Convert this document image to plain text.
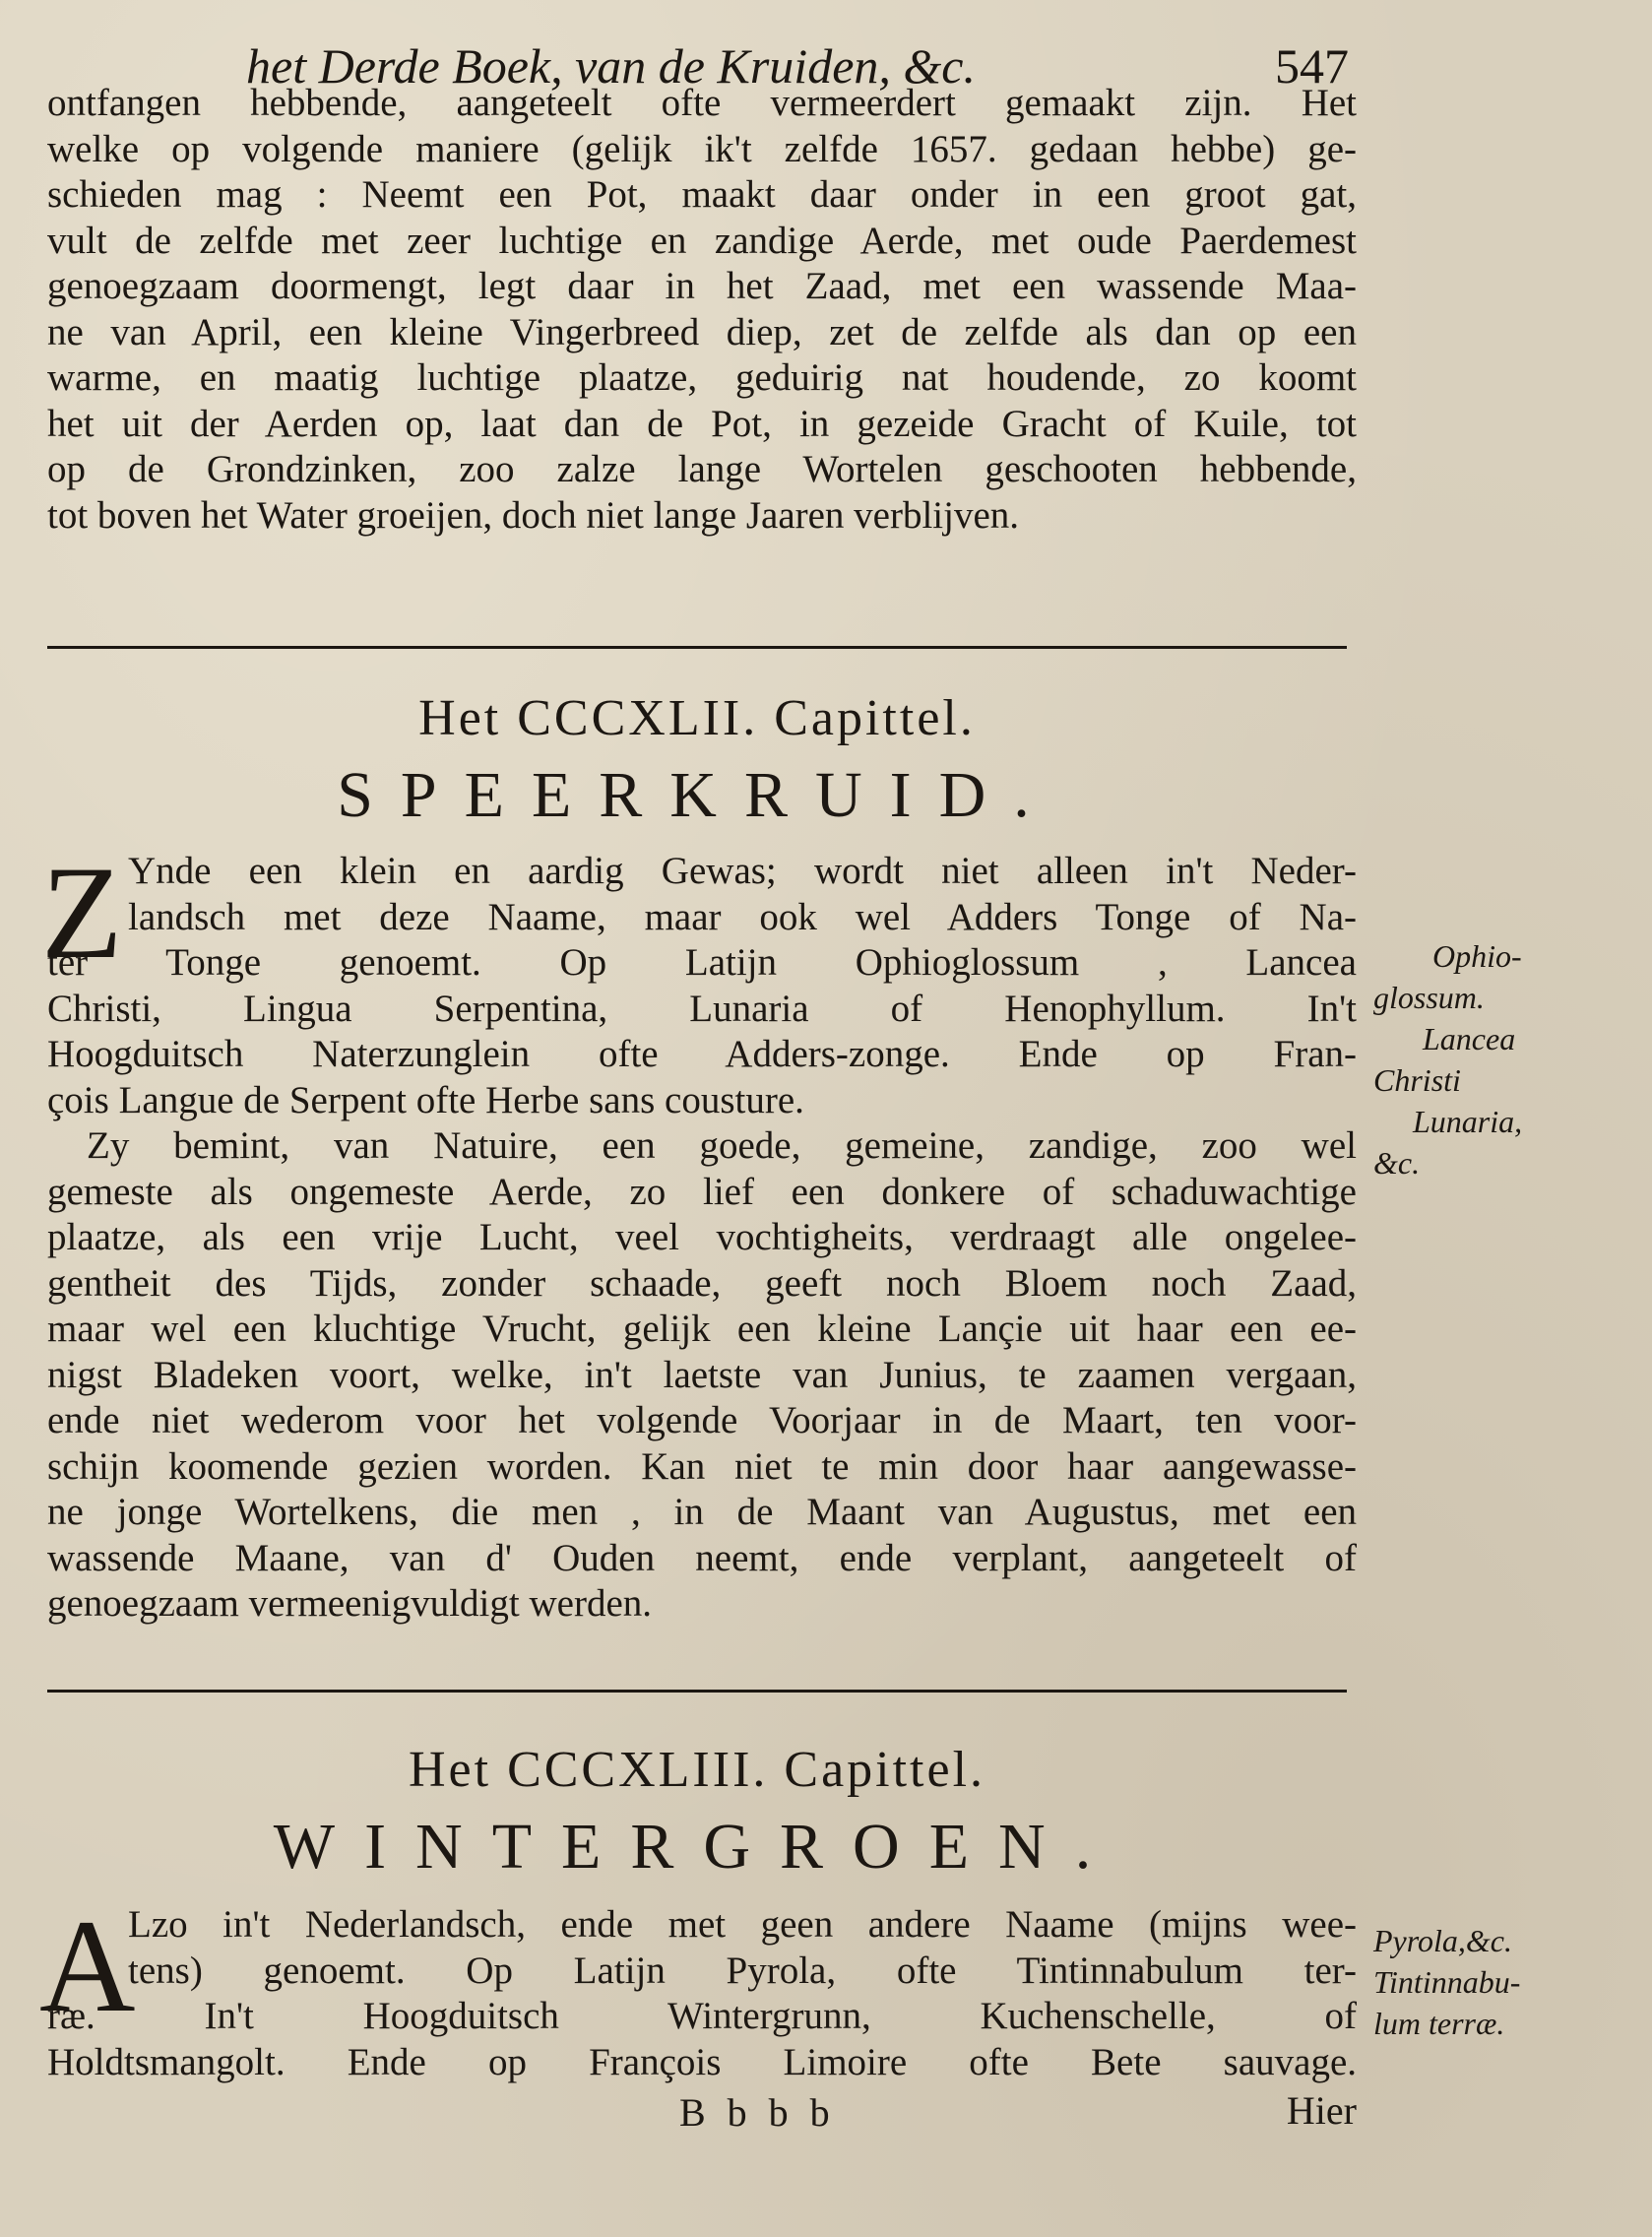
het Derde Boek, van de Kruiden, &c.	547
ontfangen hebbende, aangeteelt ofte vermeerdert gemaakt zijn. Het
welke op volgende maniere (gelijk ik't zelfde 1657. gedaan hebbe) ge-
schieden mag : Neemt een Pot, maakt daar onder in een groot gat,
vult de zelfde met zeer luchtige en zandige Aerde, met oude Paerdemest
genoegzaam doormengt, legt daar in het Zaad, met een wassende Maa-
ne van April, een kleine Vingerbreed diep, zet de zelfde als dan op een
warme, en maatig luchtige plaatze, geduirig nat houdende, zo koomt
het uit der Aerden op, laat dan de Pot, in gezeide Gracht of Kuile, tot
op de Grondzinken, zoo zalze lange Wortelen geschooten hebbende,
tot boven het Water groeijen, doch niet lange Jaaren verblijven.
Het CCCXLII. Capittel.
SPEERKRUID.
Z Ynde een klein en aardig Gewas; wordt niet alleen in't Neder-
landsch met deze Naame, maar ook wel Adders Tonge of Na-
ter Tonge genoemt. Op Latijn Ophioglossum , Lancea
Christi, Lingua Serpentina, Lunaria of Henophyllum. In't
Hoogduitsch Naterzunglein ofte Adders-zonge. Ende op Fran-
çois Langue de Serpent ofte Herbe sans cousture.
Zy bemint, van Natuire, een goede, gemeine, zandige, zoo wel
gemeste als ongemeste Aerde, zo lief een donkere of schaduwachtige
plaatze, als een vrije Lucht, veel vochtigheits, verdraagt alle ongelee-
gentheit des Tijds, zonder schaade, geeft noch Bloem noch Zaad,
maar wel een kluchtige Vrucht, gelijk een kleine Lançie uit haar een ee-
nigst Bladeken voort, welke, in't laetste van Junius, te zaamen vergaan,
ende niet wederom voor het volgende Voorjaar in de Maart, ten voor-
schijn koomende gezien worden. Kan niet te min door haar aangewasse-
ne jonge Wortelkens, die men , in de Maant van Augustus, met een
wassende Maane, van d' Ouden neemt, ende verplant, aangeteelt of
genoegzaam vermeenigvuldigt werden.
Ophio-
glossum.
Lancea
Christi
Lunaria,
&c.
Het CCCXLIII. Capittel.
WINTERGROEN.
A
Lzo in't Nederlandsch, ende met geen andere Naame (mijns wee-
tens) genoemt. Op Latijn Pyrola, ofte Tintinnabulum ter-
ræ. In't Hoogduitsch Wintergrunn, Kuchenschelle, of
Holdtsmangolt. Ende op François Limoire ofte Bete sauvage.
Pyrola,&c.
Tintinnabu-
lum terræ.
Bbbb	Hier
